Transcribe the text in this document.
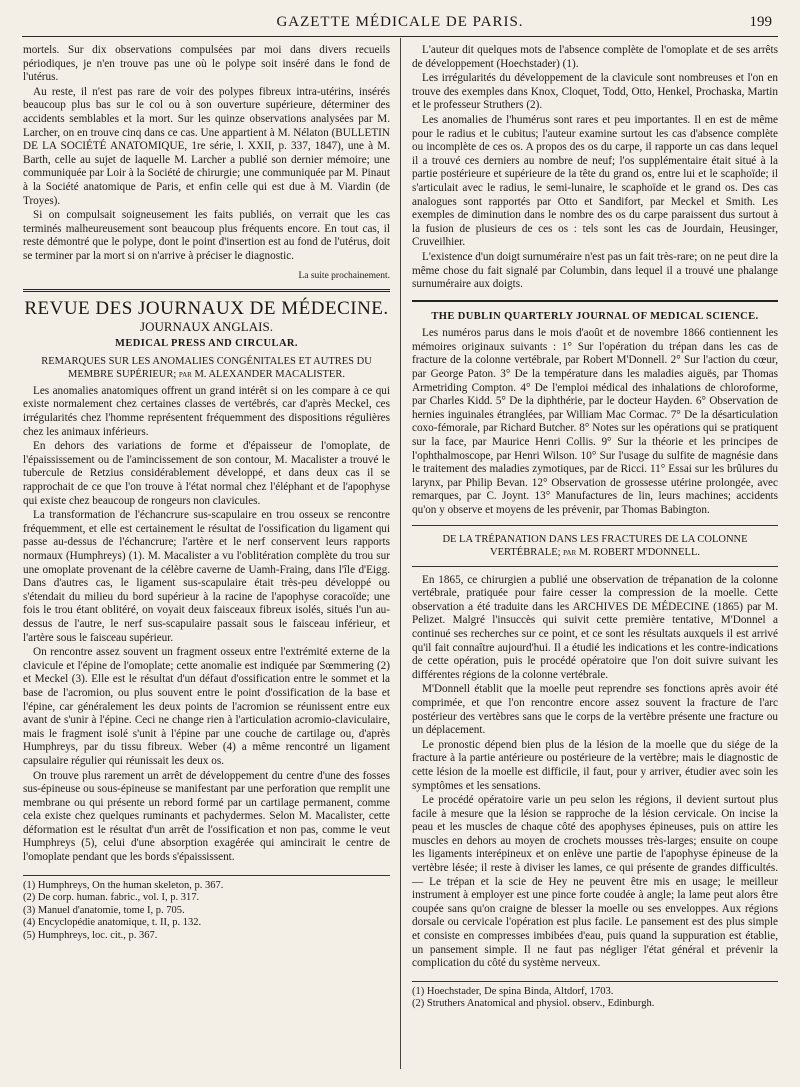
GAZETTE MÉDICALE DE PARIS.	199

mortels. Sur dix observations compulsées par moi dans divers recueils périodiques, je n'en trouve pas une où le polype soit inséré dans le fond de l'utérus.

Au reste, il n'est pas rare de voir des polypes fibreux intra-utérins, insérés beaucoup plus bas sur le col ou à son ouverture supérieure, déterminer des accidents semblables et la mort. Sur les quinze observations analysées par M. Larcher, on en trouve cinq dans ce cas. Une appartient à M. Nélaton (BULLETIN DE LA SOCIÉTÉ ANATOMIQUE, 1re série, l. XXII, p. 337, 1847), une à M. Barth, celle au sujet de laquelle M. Larcher a publié son dernier mémoire; une communiquée par Loir à la Société de chirurgie; une communiquée par M. Pinaut à la Société anatomique de Paris, et enfin celle qui est due à M. Viardin (de Troyes).

Si on compulsait soigneusement les faits publiés, on verrait que les cas terminés malheureusement sont beaucoup plus fréquents encore. En tout cas, il reste démontré que le polype, dont le point d'insertion est au fond de l'utérus, doit se terminer par la mort si on n'arrive à préciser le diagnostic.

La suite prochainement.
REVUE DES JOURNAUX DE MÉDECINE.
JOURNAUX ANGLAIS.
MEDICAL PRESS AND CIRCULAR.
REMARQUES SUR LES ANOMALIES CONGÉNITALES ET AUTRES DU MEMBRE SUPÉRIEUR; par M. ALEXANDER MACALISTER.

Les anomalies anatomiques offrent un grand intérêt si on les compare à ce qui existe normalement chez certaines classes de vertébrés, car d'après Meckel, ces irrégularités chez l'homme représentent fréquemment des dispositions régulières chez les animaux inférieurs.

En dehors des variations de forme et d'épaisseur de l'omoplate, de l'épaississement ou de l'amincissement de son contour, M. Macalister a trouvé le tubercule de Retzius considérablement développé, et dans deux cas il se rapprochait de ce que l'on trouve à l'état normal chez l'éléphant et de l'apophyse qui existe chez beaucoup de rongeurs non clavicules.

La transformation de l'échancrure sus-scapulaire en trou osseux se rencontre fréquemment, et elle est certainement le résultat de l'ossification du ligament qui passe au-dessus de l'échancrure; l'artère et le nerf conservent leurs rapports normaux (Humphreys) (1). M. Macalister a vu l'oblitération complète du trou sur une omoplate provenant de la célèbre caverne de Uamh-Fraing, dans l'île d'Eigg. Dans d'autres cas, le ligament sus-scapulaire était très-peu développé ou s'étendait du milieu du bord supérieur à la racine de l'apophyse coracoïde; une fois le trou étant oblitéré, on voyait deux faisceaux fibreux isolés, situés l'un au-dessus de l'autre, le nerf sus-scapulaire passait sous le faisceau inférieur, et l'artère sous le faisceau supérieur.

On rencontre assez souvent un fragment osseux entre l'extrémité externe de la clavicule et l'épine de l'omoplate; cette anomalie est indiquée par Sœmmering (2) et Meckel (3). Elle est le résultat d'un défaut d'ossification entre le sommet et la base de l'acromion, ou plus souvent entre le point d'ossification de la base et l'épine, car généralement les deux points de l'acromion se réunissent entre eux avant de s'unir à l'épine. Ceci ne change rien à l'articulation acromio-claviculaire, mais le fragment isolé s'unit à l'épine par une couche de cartilage ou, d'après Humphreys, par du tissu fibreux. Weber (4) a même rencontré un ligament capsulaire régulier qui réunissait les deux os.

On trouve plus rarement un arrêt de développement du centre d'une des fosses sus-épineuse ou sous-épineuse se manifestant par une perforation que remplit une membrane ou qui présente un rebord formé par un cartilage permanent, comme cela existe chez quelques ruminants et pachydermes. Selon M. Macalister, cette déformation est le résultat d'un arrêt de l'ossification et non pas, comme le veut Humphreys (5), celui d'une absorption exagérée qui amincirait le centre de l'omoplate pendant que les bords s'épaississent.

(1) Humphreys, On the human skeleton, p. 367.

(2) De corp. human. fabric., vol. I, p. 317.

(3) Manuel d'anatomie, tome I, p. 705.

(4) Encyclopédie anatomique, t. II, p. 132.

(5) Humphreys, loc. cit., p. 367.

L'auteur dit quelques mots de l'absence complète de l'omoplate et de ses arrêts de développement (Hoechstader) (1).

Les irrégularités du développement de la clavicule sont nombreuses et l'on en trouve des exemples dans Knox, Cloquet, Todd, Otto, Henkel, Prochaska, Martin et le professeur Struthers (2).

Les anomalies de l'humérus sont rares et peu importantes. Il en est de même pour le radius et le cubitus; l'auteur examine surtout les cas d'absence complète ou incomplète de ces os. A propos des os du carpe, il rapporte un cas dans lequel il a trouvé ces derniers au nombre de neuf; l'os supplémentaire était situé à la partie postérieure et supérieure de la tête du grand os, entre lui et le scaphoïde; il s'articulait avec le radius, le semi-lunaire, le scaphoïde et le grand os. Des cas analogues sont rapportés par Otto et Sandifort, par Meckel et Smith. Les exemples de diminution dans le nombre des os du carpe paraissent dus surtout à la fusion de plusieurs de ces os : tels sont les cas de Jourdain, Heusinger, Cruveilhier.

L'existence d'un doigt surnuméraire n'est pas un fait très-rare; on ne peut dire la même chose du fait signalé par Columbin, dans lequel il a trouvé une phalange surnuméraire aux doigts.

THE DUBLIN QUARTERLY JOURNAL OF MEDICAL SCIENCE.

Les numéros parus dans le mois d'août et de novembre 1866 contiennent les mémoires originaux suivants : 1° Sur l'opération du trépan dans les cas de fracture de la colonne vertébrale, par Robert M'Donnell. 2° Sur l'action du cœur, par George Paton. 3° De la température dans les maladies aiguës, par Thomas Armetriding Compton. 4° De l'emploi médical des inhalations de chloroforme, par Charles Kidd. 5° De la diphthérie, par le docteur Hayden. 6° Observation de hernies inguinales étranglées, par William Mac Cormac. 7° De la désarticulation coxo-fémorale, par Richard Butcher. 8° Notes sur les opérations qui se pratiquent sur la face, par Maurice Henri Collis. 9° Sur la théorie et les principes de l'ophthalmoscope, par Henri Wilson. 10° Sur l'usage du sulfite de magnésie dans le traitement des maladies zymotiques, par de Ricci. 11° Essai sur les brûlures du larynx, par Philip Bevan. 12° Observation de grossesse utérine prolongée, avec remarques, par C. Joynt. 13° Manufactures de lin, leurs machines; accidents qu'on y observe et moyens de les prévenir, par Thomas Babington.

DE LA TRÉPANATION DANS LES FRACTURES DE LA COLONNE VERTÉBRALE; par M. ROBERT M'DONNELL.

En 1865, ce chirurgien a publié une observation de trépanation de la colonne vertébrale, pratiquée pour faire cesser la compression de la moelle. Cette observation a été traduite dans les ARCHIVES DE MÉDECINE (1865) par M. Pelizet. Malgré l'insuccès qui suivit cette première tentative, M'Donnel a continué ses recherches sur ce point, et ce sont les résultats auxquels il est arrivé qu'il fait connaître aujourd'hui. Il a étudié les indications et les contre-indications de cette opération, puis le procédé opératoire que l'on doit suivre suivant les différentes régions de la colonne vertébrale.

M'Donnell établit que la moelle peut reprendre ses fonctions après avoir été comprimée, et que l'on rencontre encore assez souvent la fracture de l'arc postérieur des vertèbres sans que le corps de la vertèbre présente une fracture ou un déplacement.

Le pronostic dépend bien plus de la lésion de la moelle que du siége de la fracture à la partie antérieure ou postérieure de la vertèbre; mais le diagnostic de cette lésion de la moelle est difficile, il faut, pour y arriver, étudier avec soin les symptômes et les sensations.

Le procédé opératoire varie un peu selon les régions, il devient surtout plus facile à mesure que la lésion se rapproche de la lésion cervicale. On incise la peau et les muscles de chaque côté des apophyses épineuses, puis on attire les muscles en dehors au moyen de crochets mousses très-larges; ensuite on coupe les ligaments interépineux et on enlève une partie de l'apophyse épineuse de la vertèbre lésée; il reste à diviser les lames, ce qui présente de grandes difficultés. — Le trépan et la scie de Hey ne peuvent être mis en usage; le meilleur instrument à employer est une pince forte coudée à angle; la lame peut alors être coupée sans qu'on craigne de blesser la moelle ou ses enveloppes. Aux régions dorsale ou cervicale l'opération est plus facile. Le pansement est des plus simple et consiste en compresses imbibées d'eau, puis quand la suppuration est établie, un pansement simple. Il ne faut pas négliger l'état général et prévenir la complication du côté du système nerveux.

(1) Hoechstader, De spina Binda, Altdorf, 1703.

(2) Struthers Anatomical and physiol. observ., Edinburgh.
